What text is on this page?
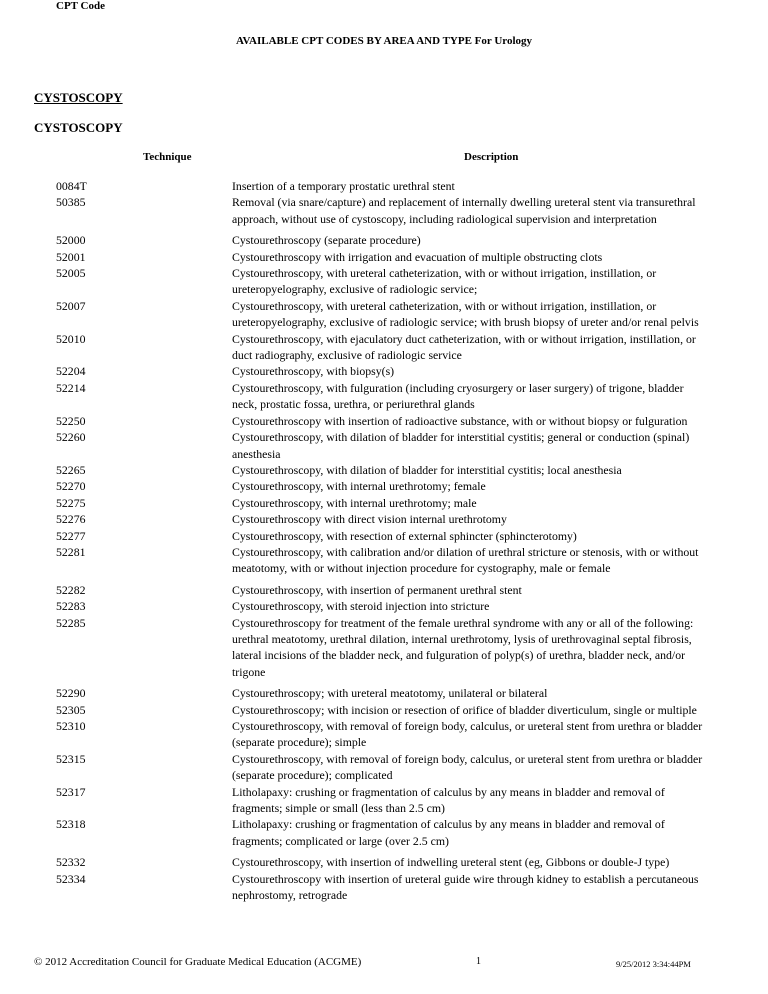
AVAILABLE CPT CODES BY AREA AND TYPE For Urology
CYSTOSCOPY
CYSTOSCOPY
CPT Code
Technique	Description
0084T	Insertion of a temporary prostatic urethral stent
50385	Removal (via snare/capture) and replacement of internally dwelling ureteral stent via transurethral approach, without use of cystoscopy, including radiological supervision and interpretation
52000	Cystourethroscopy (separate procedure)
52001	Cystourethroscopy with irrigation and evacuation of multiple obstructing clots
52005	Cystourethroscopy, with ureteral catheterization, with or without irrigation, instillation, or ureteropyelography, exclusive of radiologic service;
52007	Cystourethroscopy, with ureteral catheterization, with or without irrigation, instillation, or ureteropyelography, exclusive of radiologic service; with brush biopsy of ureter and/or renal pelvis
52010	Cystourethroscopy, with ejaculatory duct catheterization, with or without irrigation, instillation, or duct radiography, exclusive of radiologic service
52204	Cystourethroscopy, with biopsy(s)
52214	Cystourethroscopy, with fulguration (including cryosurgery or laser surgery) of trigone, bladder neck, prostatic fossa, urethra, or periurethral glands
52250	Cystourethroscopy with insertion of radioactive substance, with or without biopsy or fulguration
52260	Cystourethroscopy, with dilation of bladder for interstitial cystitis; general or conduction (spinal) anesthesia
52265	Cystourethroscopy, with dilation of bladder for interstitial cystitis; local anesthesia
52270	Cystourethroscopy, with internal urethrotomy; female
52275	Cystourethroscopy, with internal urethrotomy; male
52276	Cystourethroscopy with direct vision internal urethrotomy
52277	Cystourethroscopy, with resection of external sphincter (sphincterotomy)
52281	Cystourethroscopy, with calibration and/or dilation of urethral stricture or stenosis, with or without meatotomy, with or without injection procedure for cystography, male or female
52282	Cystourethroscopy, with insertion of permanent urethral stent
52283	Cystourethroscopy, with steroid injection into stricture
52285	Cystourethroscopy for treatment of the female urethral syndrome with any or all of the following: urethral meatotomy, urethral dilation, internal urethrotomy, lysis of urethrovaginal septal fibrosis, lateral incisions of the bladder neck, and fulguration of polyp(s) of urethra, bladder neck, and/or trigone
52290	Cystourethroscopy; with ureteral meatotomy, unilateral or bilateral
52305	Cystourethroscopy; with incision or resection of orifice of bladder diverticulum, single or multiple
52310	Cystourethroscopy, with removal of foreign body, calculus, or ureteral stent from urethra or bladder (separate procedure); simple
52315	Cystourethroscopy, with removal of foreign body, calculus, or ureteral stent from urethra or bladder (separate procedure); complicated
52317	Litholapaxy: crushing or fragmentation of calculus by any means in bladder and removal of fragments; simple or small (less than 2.5 cm)
52318	Litholapaxy: crushing or fragmentation of calculus by any means in bladder and removal of fragments; complicated or large (over 2.5 cm)
52332	Cystourethroscopy, with insertion of indwelling ureteral stent (eg, Gibbons or double-J type)
52334	Cystourethroscopy with insertion of ureteral guide wire through kidney to establish a percutaneous nephrostomy, retrograde
© 2012 Accreditation Council for Graduate Medical Education (ACGME)	1	9/25/2012 3:34:44PM
